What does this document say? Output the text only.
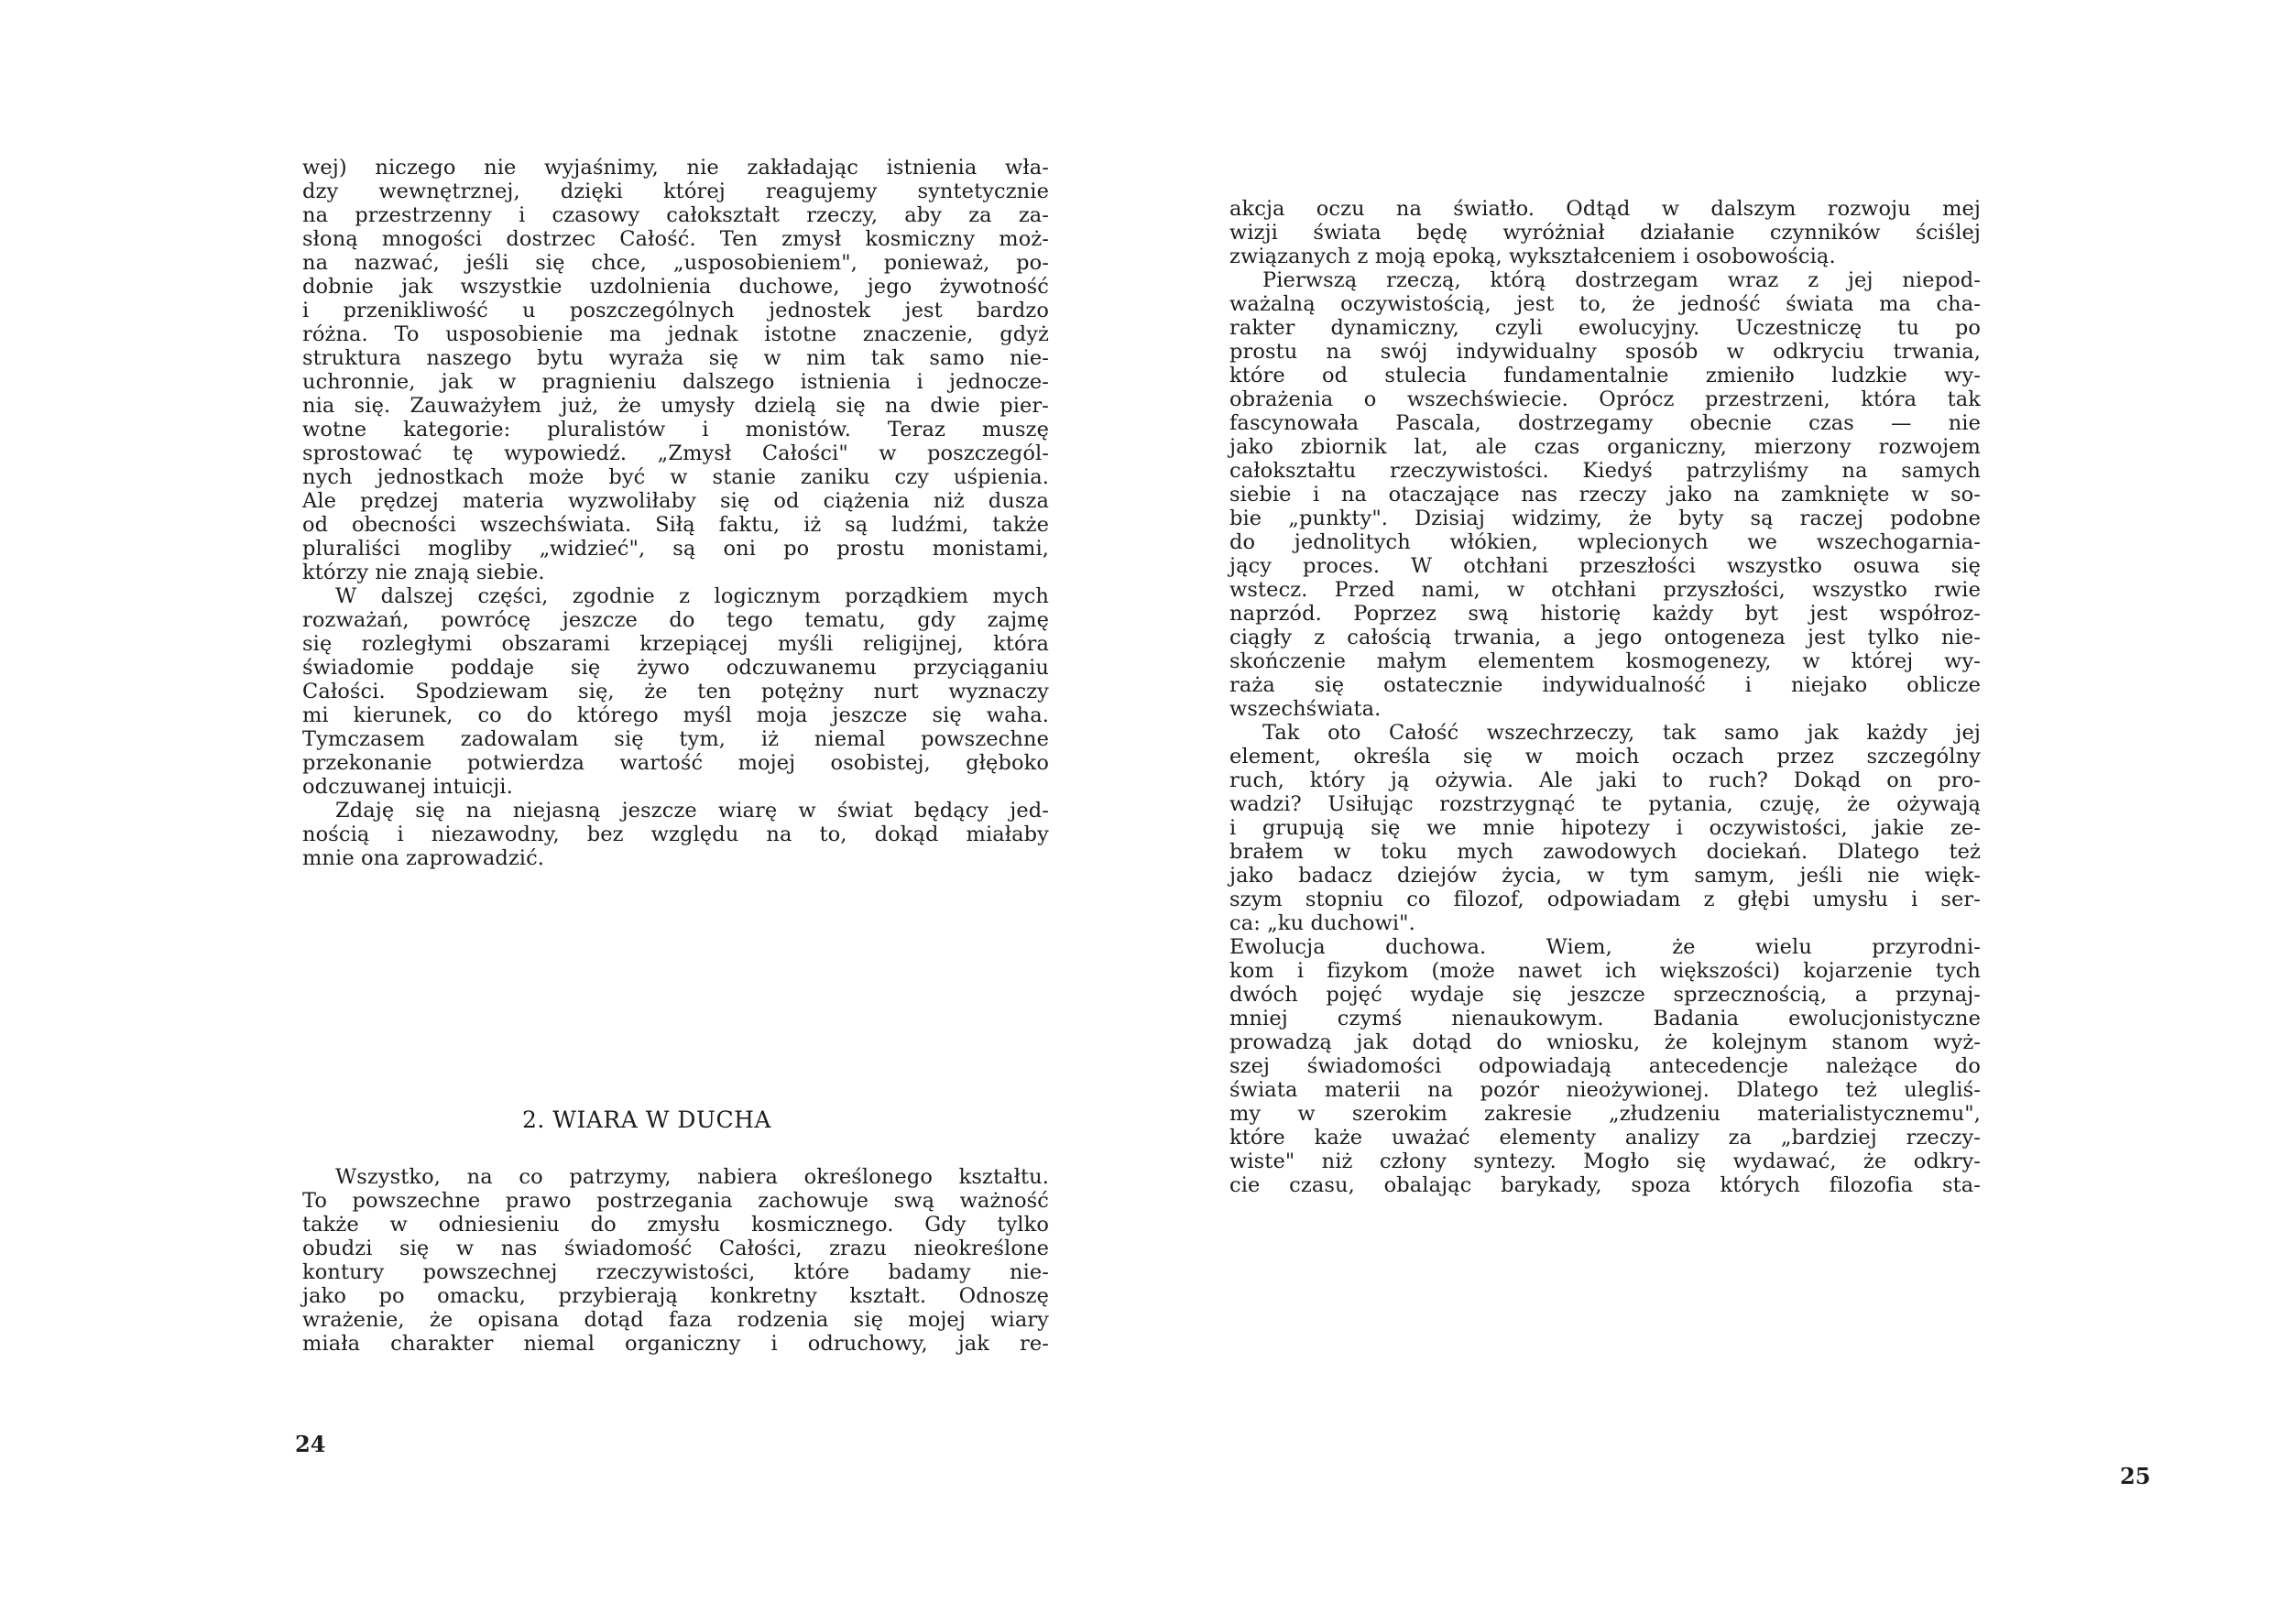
wej) niczego nie wyjaśnimy, nie zakładając istnienia wła-
dzy wewnętrznej, dzięki której reagujemy syntetycznie
na przestrzenny i czasowy całokształt rzeczy, aby za za-
słoną mnogości dostrzec Całość. Ten zmysł kosmiczny moż-
na nazwać, jeśli się chce, „usposobieniem", ponieważ, po-
dobnie jak wszystkie uzdolnienia duchowe, jego żywotność
i przenikliwość u poszczególnych jednostek jest bardzo
różna. To usposobienie ma jednak istotne znaczenie, gdyż
struktura naszego bytu wyraża się w nim tak samo nie-
uchronnie, jak w pragnieniu dalszego istnienia i jednocze-
nia się. Zauważyłem już, że umysły dzielą się na dwie pier-
wotne kategorie: pluralistów i monistów. Teraz muszę
sprostować tę wypowiedź. „Zmysł Całości" w poszczegól-
nych jednostkach może być w stanie zaniku czy uśpienia.
Ale prędzej materia wyzwoliłaby się od ciążenia niż dusza
od obecności wszechświata. Siłą faktu, iż są ludźmi, także
pluraliści mogliby „widzieć", są oni po prostu monistami,
którzy nie znają siebie.
W dalszej części, zgodnie z logicznym porządkiem mych
rozważań, powrócę jeszcze do tego tematu, gdy zajmę
się rozległymi obszarami krzepiącej myśli religijnej, która
świadomie poddaje się żywo odczuwanemu przyciąganiu
Całości. Spodziewam się, że ten potężny nurt wyznaczy
mi kierunek, co do którego myśl moja jeszcze się waha.
Tymczasem zadowalam się tym, iż niemal powszechne
przekonanie potwierdza wartość mojej osobistej, głęboko
odczuwanej intuicji.
Zdaję się na niejasną jeszcze wiarę w świat będący jed-
nością i niezawodny, bez względu na to, dokąd miałaby
mnie ona zaprowadzić.
2. WIARA W DUCHA
Wszystko, na co patrzymy, nabiera określonego kształtu.
To powszechne prawo postrzegania zachowuje swą ważność
także w odniesieniu do zmysłu kosmicznego. Gdy tylko
obudzi się w nas świadomość Całości, zrazu nieokreślone
kontury powszechnej rzeczywistości, które badamy nie-
jako po omacku, przybierają konkretny kształt. Odnoszę
wrażenie, że opisana dotąd faza rodzenia się mojej wiary
miała charakter niemal organiczny i odruchowy, jak re-
24
akcja oczu na światło. Odtąd w dalszym rozwoju mej
wizji świata będę wyróżniał działanie czynników ściślej
związanych z moją epoką, wykształceniem i osobowością.
Pierwszą rzeczą, którą dostrzegam wraz z jej niepod-
ważalną oczywistością, jest to, że jedność świata ma cha-
rakter dynamiczny, czyli ewolucyjny. Uczestniczę tu po
prostu na swój indywidualny sposób w odkryciu trwania,
które od stulecia fundamentalnie zmieniło ludzkie wy-
obrażenia o wszechświecie. Oprócz przestrzeni, która tak
fascynowała Pascala, dostrzegamy obecnie czas — nie
jako zbiornik lat, ale czas organiczny, mierzony rozwojem
całokształtu rzeczywistości. Kiedyś patrzyliśmy na samych
siebie i na otaczające nas rzeczy jako na zamknięte w so-
bie „punkty". Dzisiaj widzimy, że byty są raczej podobne
do jednolitych włókien, wplecionych we wszechogarnia-
jący proces. W otchłani przeszłości wszystko osuwa się
wstecz. Przed nami, w otchłani przyszłości, wszystko rwie
naprzód. Poprzez swą historię każdy byt jest współroz-
ciągły z całością trwania, a jego ontogeneza jest tylko nie-
skończenie małym elementem kosmogenezy, w której wy-
raża się ostatecznie indywidualność i niejako oblicze
wszechświata.
Tak oto Całość wszechrzeczy, tak samo jak każdy jej
element, określa się w moich oczach przez szczególny
ruch, który ją ożywia. Ale jaki to ruch? Dokąd on pro-
wadzi? Usiłując rozstrzygnąć te pytania, czuję, że ożywają
i grupują się we mnie hipotezy i oczywistości, jakie ze-
brałem w toku mych zawodowych dociekań. Dlatego też
jako badacz dziejów życia, w tym samym, jeśli nie więk-
szym stopniu co filozof, odpowiadam z głębi umysłu i ser-
ca: „ku duchowi".
Ewolucja duchowa. Wiem, że wielu przyrodni-
kom i fizykom (może nawet ich większości) kojarzenie tych
dwóch pojęć wydaje się jeszcze sprzecznością, a przynaj-
mniej czymś nienaukowym. Badania ewolucjonistyczne
prowadzą jak dotąd do wniosku, że kolejnym stanom wyż-
szej świadomości odpowiadają antecedencje należące do
świata materii na pozór nieożywionej. Dlatego też ulegliś-
my w szerokim zakresie „złudzeniu materialistycznemu",
które każe uważać elementy analizy za „bardziej rzeczy-
wiste" niż człony syntezy. Mogło się wydawać, że odkry-
cie czasu, obalając barykady, spoza których filozofia sta-
25
